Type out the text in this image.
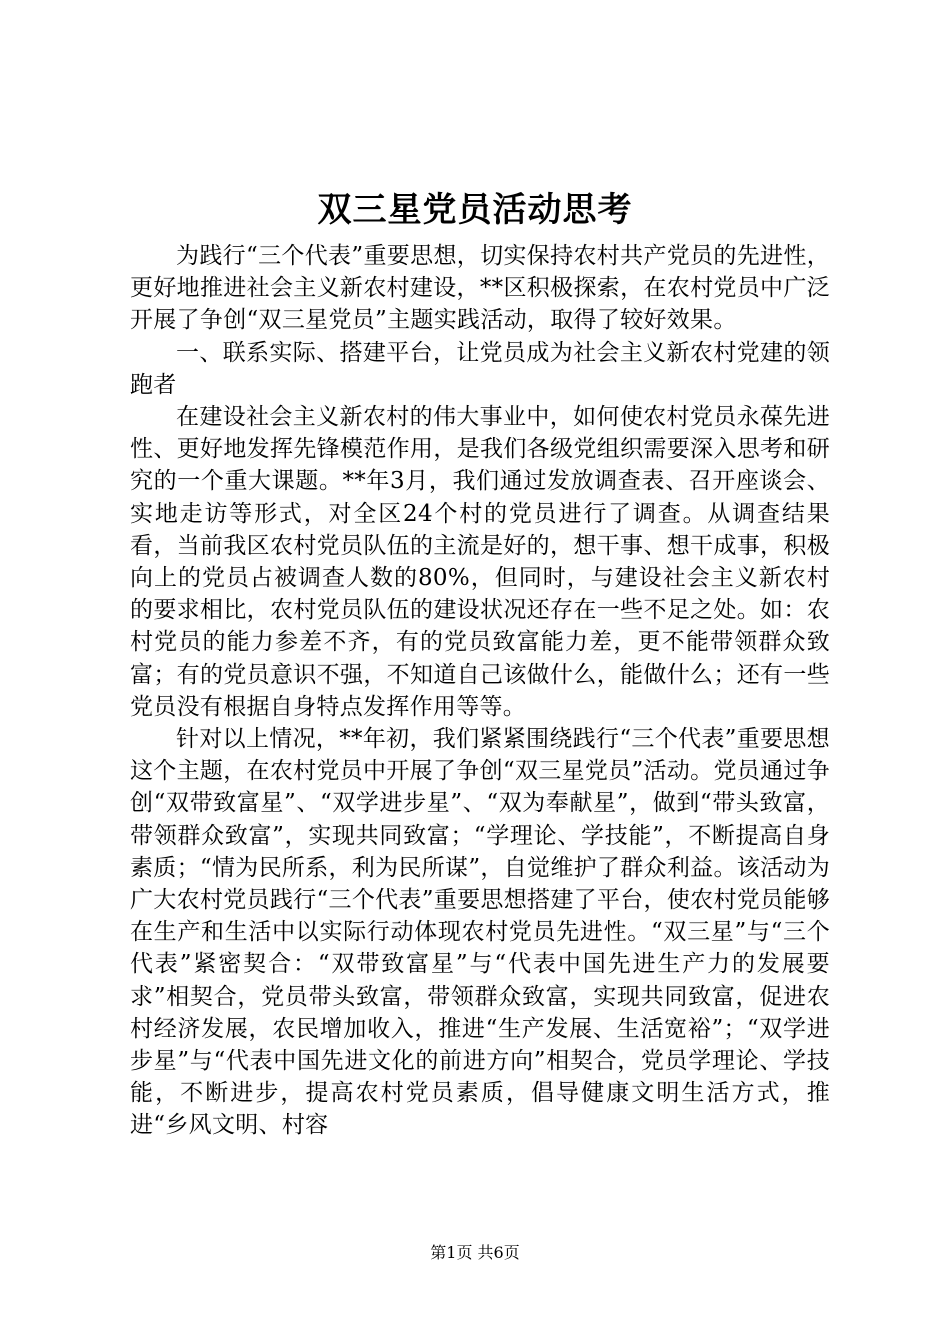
双三星党员活动思考

为践行“三个代表”重要思想，切实保持农村共产党员的先进性，更好地推进社会主义新农村建设，**区积极探索，在农村党员中广泛开展了争创“双三星党员”主题实践活动，取得了较好效果。

一、联系实际、搭建平台，让党员成为社会主义新农村党建的领跑者

在建设社会主义新农村的伟大事业中，如何使农村党员永葆先进性、更好地发挥先锋模范作用，是我们各级党组织需要深入思考和研究的一个重大课题。**年3月，我们通过发放调查表、召开座谈会、实地走访等形式，对全区24个村的党员进行了调查。从调查结果看，当前我区农村党员队伍的主流是好的，想干事、想干成事，积极向上的党员占被调查人数的80%，但同时，与建设社会主义新农村的要求相比，农村党员队伍的建设状况还存在一些不足之处。如：农村党员的能力参差不齐，有的党员致富能力差，更不能带领群众致富；有的党员意识不强，不知道自己该做什么，能做什么；还有一些党员没有根据自身特点发挥作用等等。

针对以上情况，**年初，我们紧紧围绕践行“三个代表”重要思想这个主题，在农村党员中开展了争创“双三星党员”活动。党员通过争创“双带致富星”、“双学进步星”、“双为奉献星”，做到“带头致富，带领群众致富”，实现共同致富；“学理论、学技能”，不断提高自身素质；“情为民所系，利为民所谋”，自觉维护了群众利益。该活动为广大农村党员践行“三个代表”重要思想搭建了平台，使农村党员能够在生产和生活中以实际行动体现农村党员先进性。“双三星”与“三个代表”紧密契合：“双带致富星”与“代表中国先进生产力的发展要求”相契合，党员带头致富，带领群众致富，实现共同致富，促进农村经济发展，农民增加收入，推进“生产发展、生活宽裕”；“双学进步星”与“代表中国先进文化的前进方向”相契合，党员学理论、学技能，不断进步，提高农村党员素质，倡导健康文明生活方式，推进“乡风文明、村容

第1页 共6页
